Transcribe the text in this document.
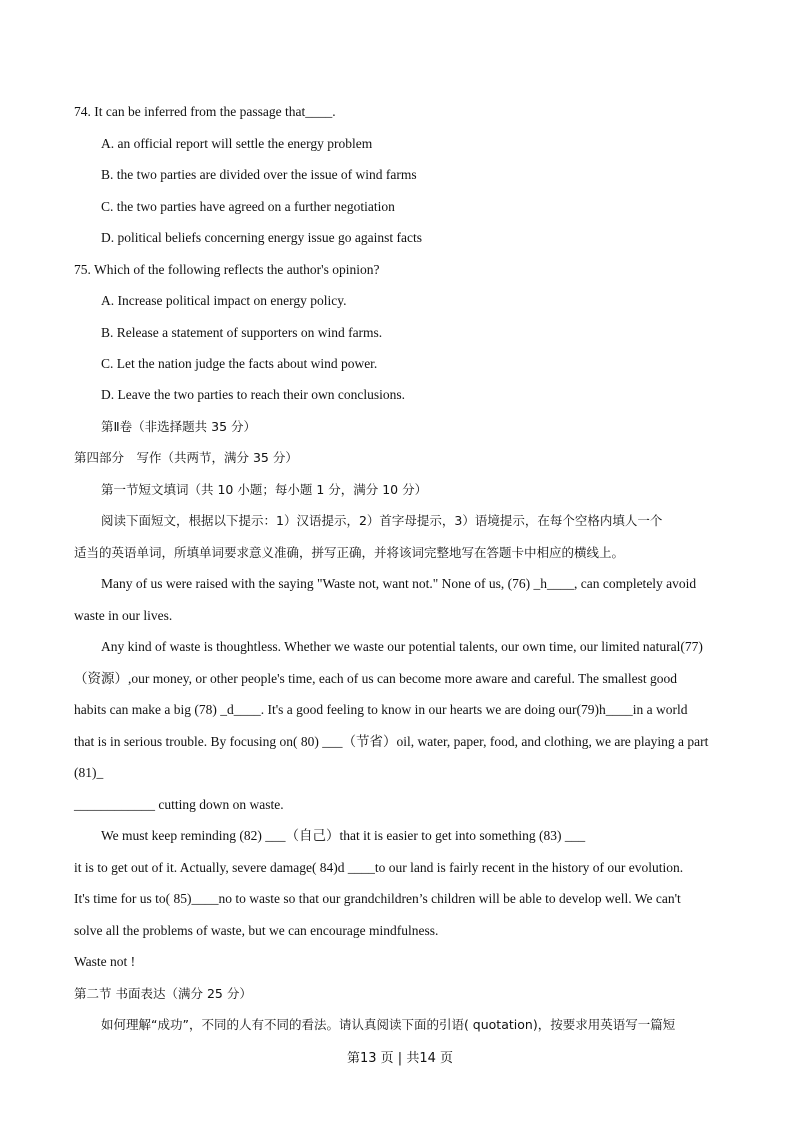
74. It can be inferred from the passage that____.
A. an official report will settle the energy problem
B. the two parties are divided over the issue of wind farms
C. the two parties have agreed on a further negotiation
D. political beliefs concerning energy issue go against facts
75. Which of the following reflects the author's opinion?
A. Increase political impact on energy policy.
B. Release a statement of supporters on wind farms.
C. Let the nation judge the facts about wind power.
D. Leave the two parties to reach their own conclusions.
第Ⅱ卷（非选择题共 35 分）
第四部分　写作（共两节，满分 35 分）
第一节短文填词（共 10 小题；每小题 1 分，满分 10 分）
阅读下面短文，根据以下提示：1）汉语提示，2）首字母提示，3）语境提示，在每个空格内填人一个
适当的英语单词，所填单词要求意义准确，拼写正确，并将该词完整地写在答题卡中相应的横线上。
Many of us were raised with the saying "Waste not, want not." None of us, (76) _h____, can completely avoid
waste in our lives.
Any kind of waste is thoughtless. Whether we waste our potential talents, our own time, our limited natural(77)
（资源）,our money, or other people's time, each of us can become more aware and careful. The smallest good
habits can make a big (78) _d____. It's a good feeling to know in our hearts we are doing our(79)h____in a world
that is in serious trouble. By focusing on( 80) ___（节省）oil, water, paper, food, and clothing, we are playing a part
(81)_
____________ cutting down on waste.
We must keep reminding (82) ___（自己）that it is easier to get into something (83) ___
it is to get out of it. Actually, severe damage( 84)d ____to our land is fairly recent in the history of our evolution.
It's time for us to( 85)____no to waste so that our grandchildren’s children will be able to develop well. We can't
solve all the problems of waste, but we can encourage mindfulness.
Waste not !
第二节 书面表达（满分 25 分）
如何理解“成功”，不同的人有不同的看法。请认真阅读下面的引语( quotation)，按要求用英语写一篇短
第13 页 | 共14 页
